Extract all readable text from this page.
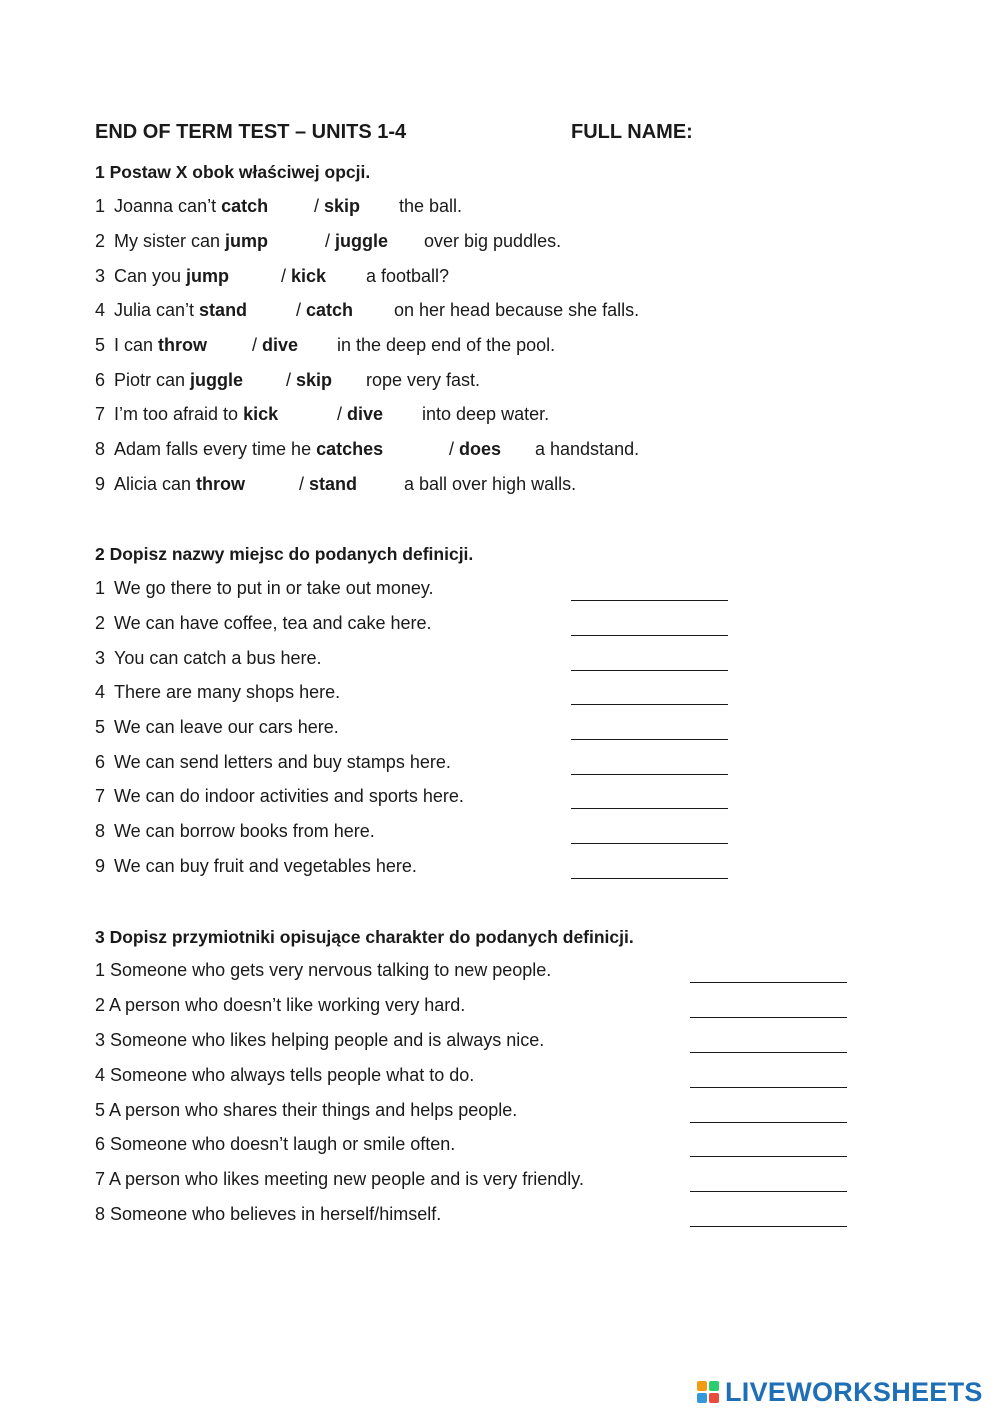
END OF TERM TEST – UNITS 1-4	FULL NAME:
1 Postaw X obok właściwej opcji.
1 Joanna can’t catch	/ skip the ball.
2 My sister can jump	/ juggle over big puddles.
3 Can you jump	/ kick a football?
4 Julia can’t stand	/ catch on her head because she falls.
5 I can throw / dive in the deep end of the pool.
6 Piotr can juggle / skip rope very fast.
7 I’m too afraid to kick	/ dive into deep water.
8 Adam falls every time he catches	/ does a handstand.
9 Alicia can throw	/ stand	a ball over high walls.
2 Dopisz nazwy miejsc do podanych definicji.
1 We go there to put in or take out money.
2 We can have coffee, tea and cake here.
3 You can catch a bus here.
4 There are many shops here.
5 We can leave our cars here.
6 We can send letters and buy stamps here.
7 We can do indoor activities and sports here.
8 We can borrow books from here.
9 We can buy fruit and vegetables here.
3 Dopisz przymiotniki opisujące charakter do podanych definicji.
1 Someone who gets very nervous talking to new people.
2 A person who doesn’t like working very hard.
3 Someone who likes helping people and is always nice.
4 Someone who always tells people what to do.
5 A person who shares their things and helps people.
6 Someone who doesn’t laugh or smile often.
7 A person who likes meeting new people and is very friendly.
8 Someone who believes in herself/himself.
LIVEWORKSHEETS
